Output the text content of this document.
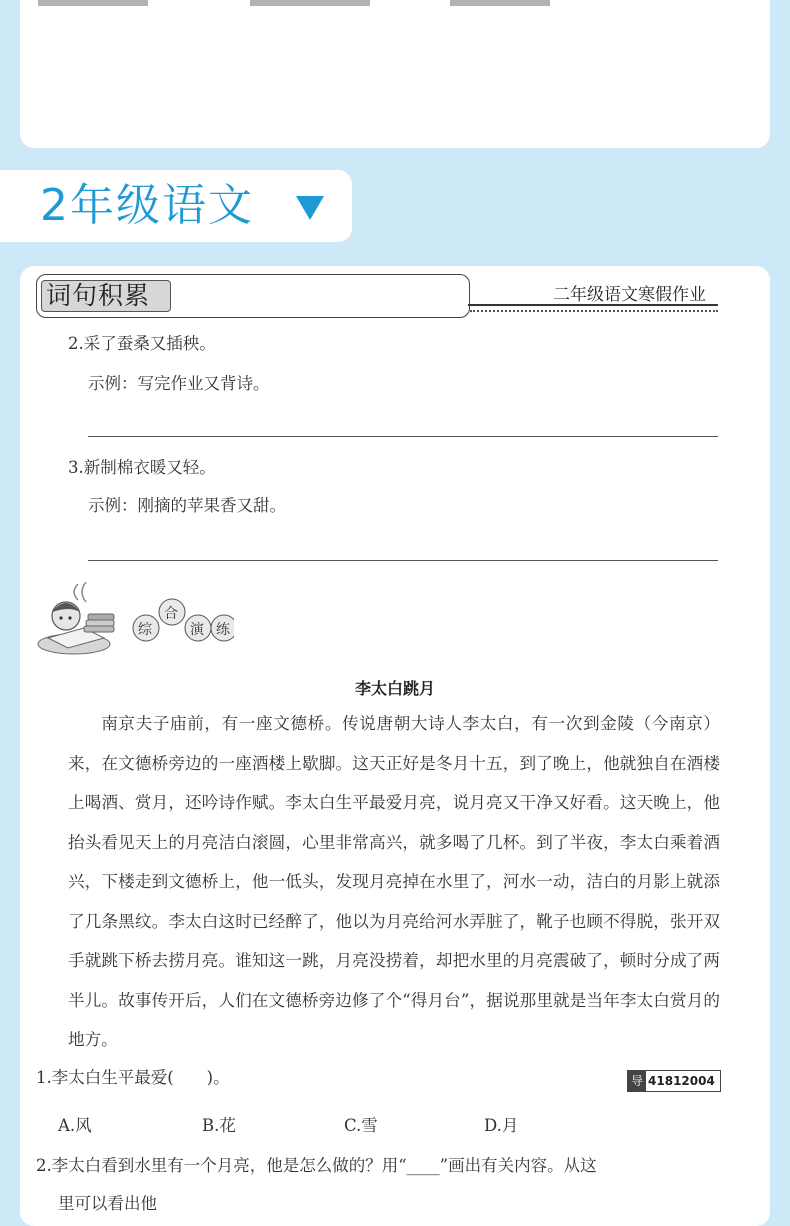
2年级语文
词句积累	二年级语文寒假作业
2.采了蚕桑又插秧。
示例：写完作业又背诗。
3.新制棉衣暖又轻。
示例：刚摘的苹果香又甜。
综
合
演 练
李太白跳月

南京夫子庙前，有一座文德桥。传说唐朝大诗人李太白，有一次到金陵（今南京）来，在文德桥旁边的一座酒楼上歇脚。这天正好是冬月十五，到了晚上，他就独自在酒楼上喝酒、赏月，还吟诗作赋。李太白生平最爱月亮，说月亮又干净又好看。这天晚上，他抬头看见天上的月亮洁白滚圆，心里非常高兴，就多喝了几杯。到了半夜，李太白乘着酒兴，下楼走到文德桥上，他一低头，发现月亮掉在水里了，河水一动，洁白的月影上就添了几条黑纹。李太白这时已经醉了，他以为月亮给河水弄脏了，靴子也顾不得脱，张开双手就跳下桥去捞月亮。谁知这一跳，月亮没捞着，却把水里的月亮震破了，顿时分成了两半儿。故事传开后，人们在文德桥旁边修了个“得月台”，据说那里就是当年李太白赏月的地方。

1.李太白生平最爱(　　)。	导 41812004
A.风	B.花	C.雪	D.月
2.李太白看到水里有一个月亮，他是怎么做的？用“____”画出有关内容。从这
里可以看出他
